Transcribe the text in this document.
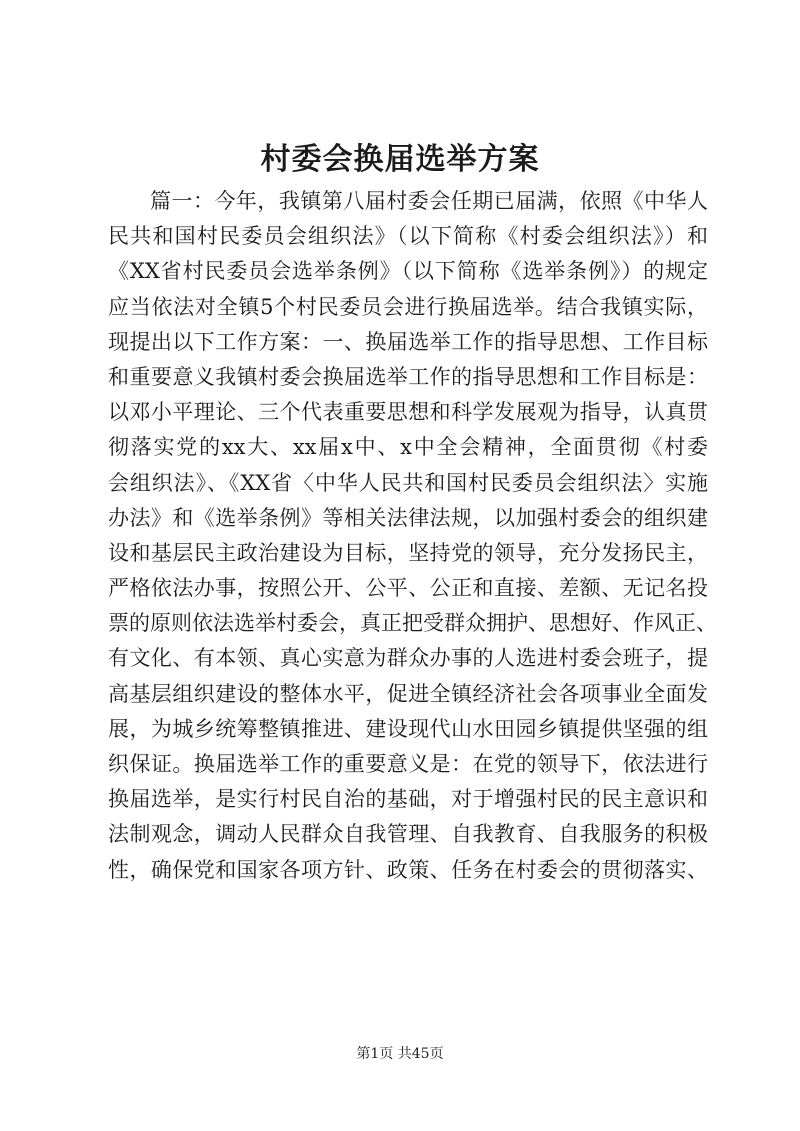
村委会换届选举方案
篇一：今年，我镇第八届村委会任期已届满，依照《中华人
民共和国村民委员会组织法》（以下简称《村委会组织法》）和
《XX省村民委员会选举条例》（以下简称《选举条例》）的规定
应当依法对全镇5个村民委员会进行换届选举。结合我镇实际，
现提出以下工作方案：一、换届选举工作的指导思想、工作目标
和重要意义我镇村委会换届选举工作的指导思想和工作目标是：
以邓小平理论、三个代表重要思想和科学发展观为指导，认真贯
彻落实党的xx大、xx届x中、x中全会精神，全面贯彻《村委
会组织法》、《XX省〈中华人民共和国村民委员会组织法〉实施
办法》和《选举条例》等相关法律法规，以加强村委会的组织建
设和基层民主政治建设为目标，坚持党的领导，充分发扬民主，
严格依法办事，按照公开、公平、公正和直接、差额、无记名投
票的原则依法选举村委会，真正把受群众拥护、思想好、作风正、
有文化、有本领、真心实意为群众办事的人选进村委会班子，提
高基层组织建设的整体水平，促进全镇经济社会各项事业全面发
展，为城乡统筹整镇推进、建设现代山水田园乡镇提供坚强的组
织保证。换届选举工作的重要意义是：在党的领导下，依法进行
换届选举，是实行村民自治的基础，对于增强村民的民主意识和
法制观念，调动人民群众自我管理、自我教育、自我服务的积极
性，确保党和国家各项方针、政策、任务在村委会的贯彻落实、
第1页 共45页
